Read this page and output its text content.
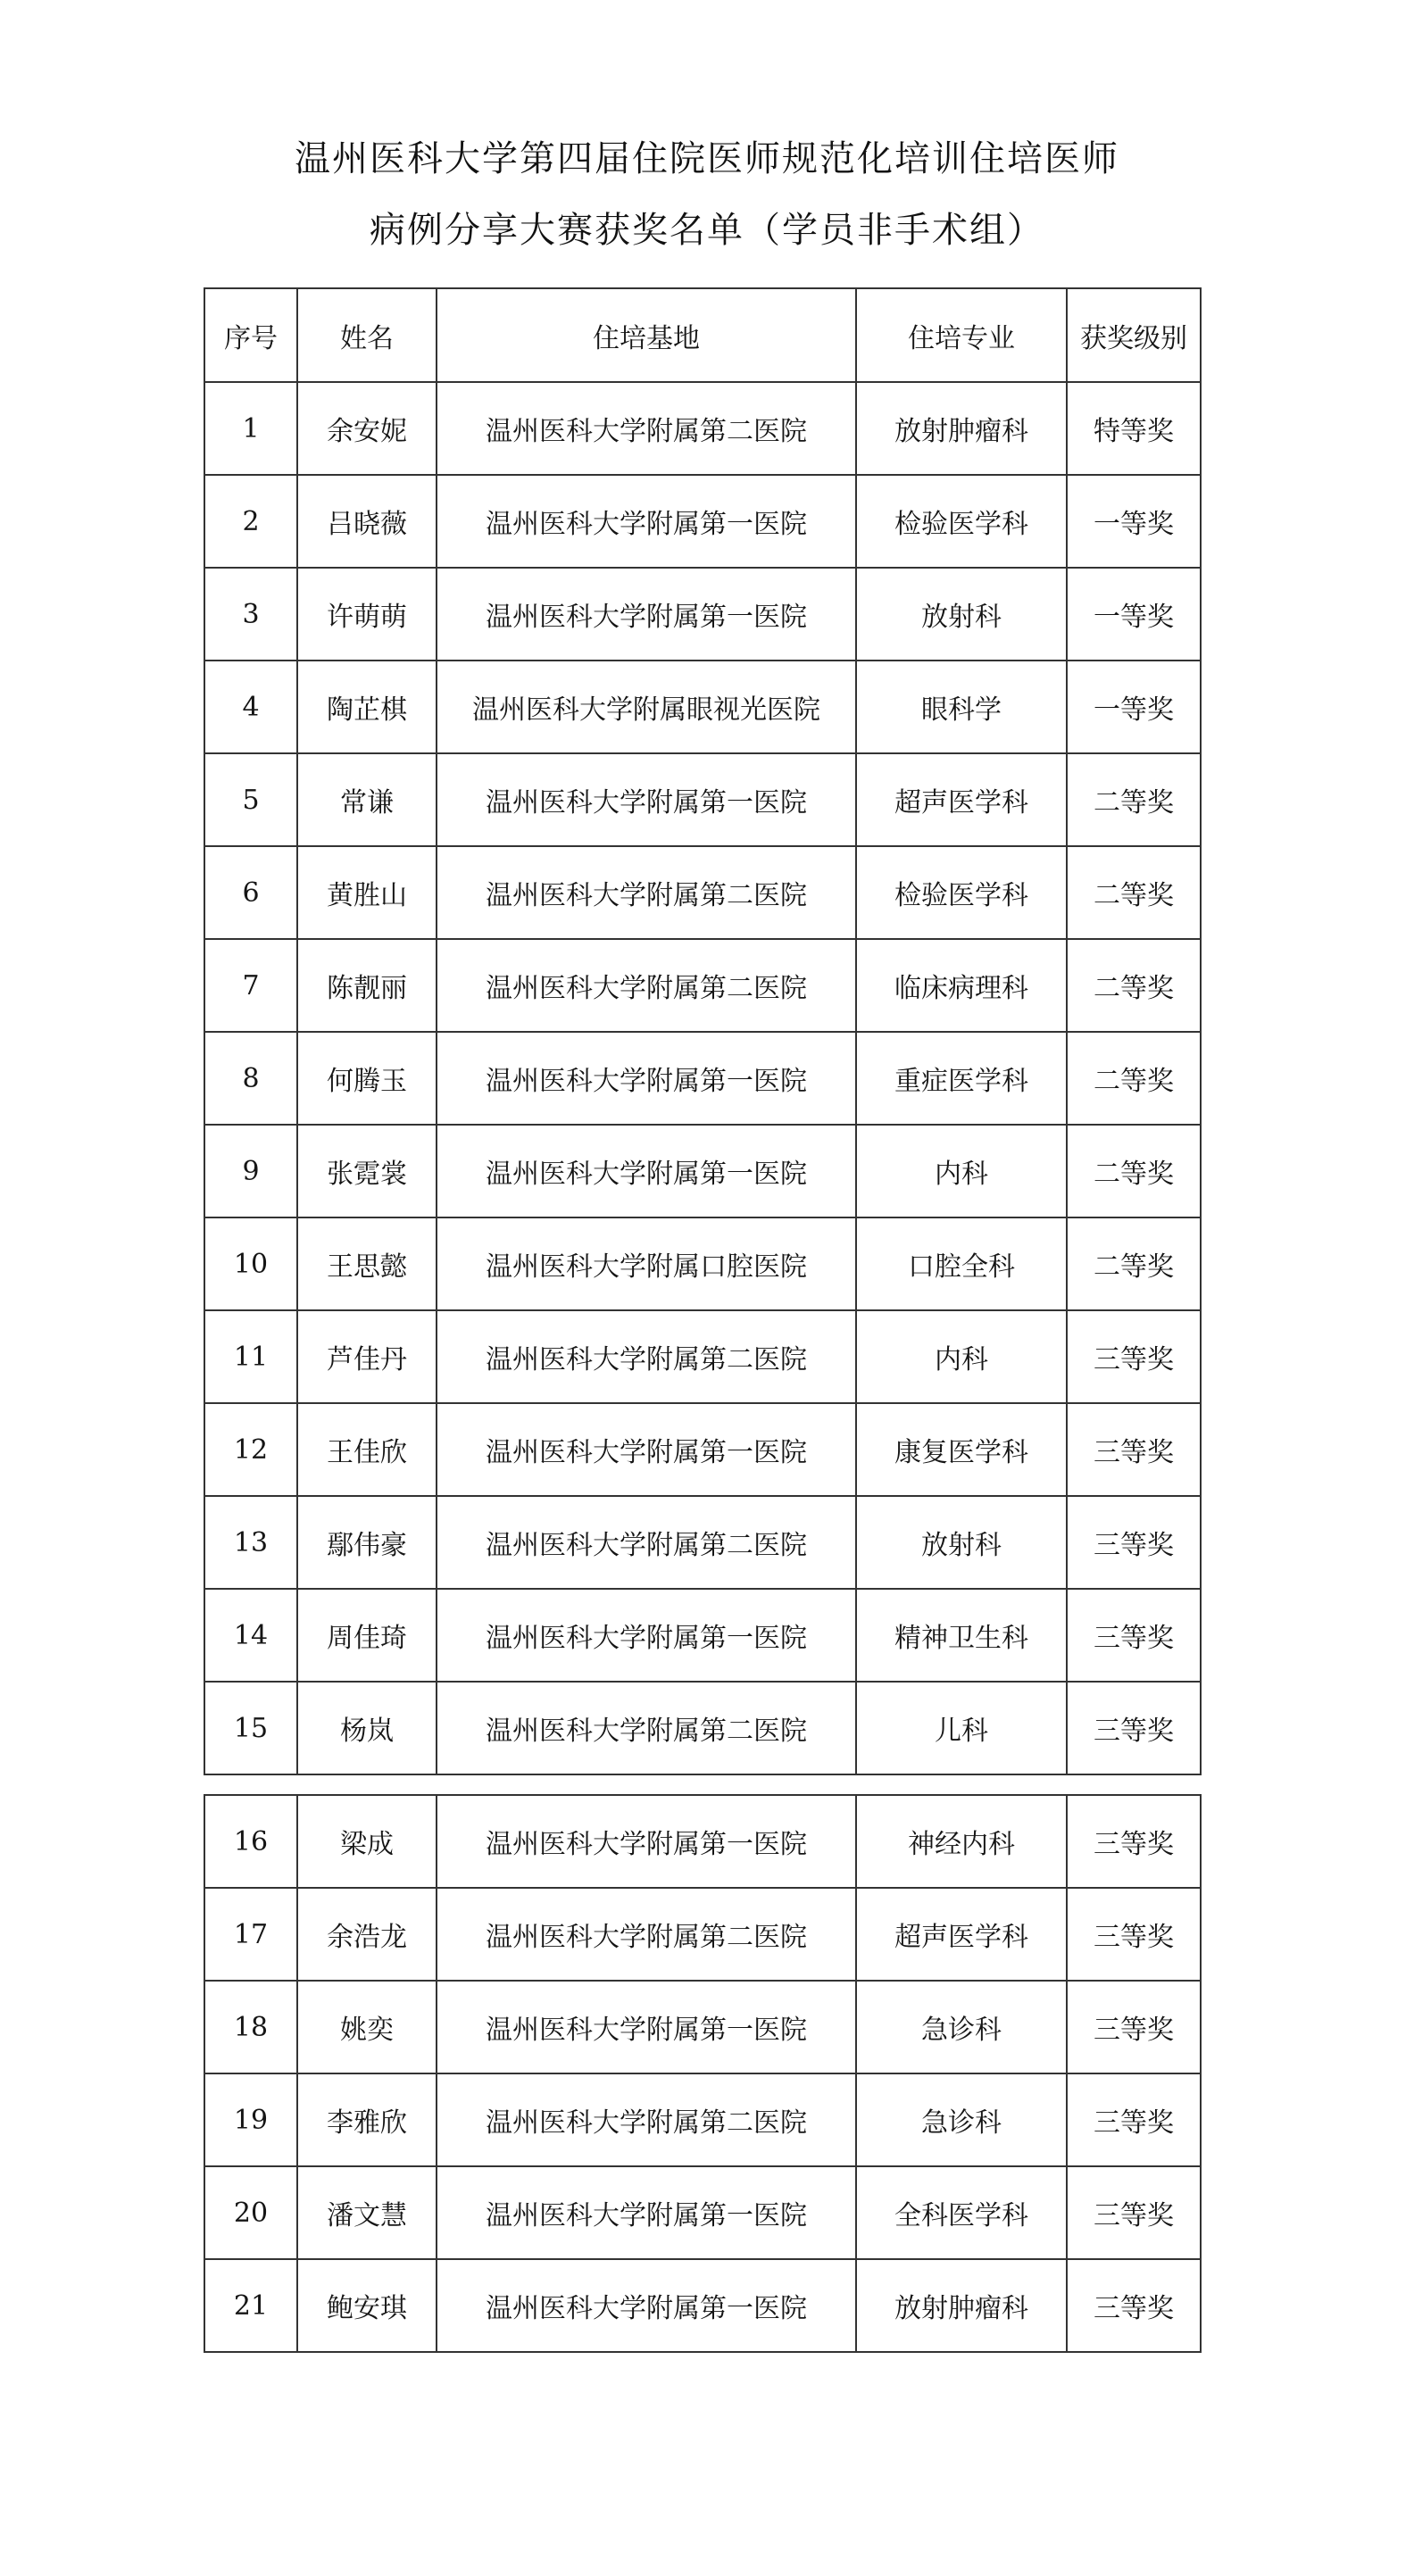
温州医科大学第四届住院医师规范化培训住培医师
病例分享大赛获奖名单（学员非手术组）
序号	姓名	住培基地	住培专业	获奖级别
1	余安妮	温州医科大学附属第二医院	放射肿瘤科	特等奖
2	吕晓薇	温州医科大学附属第一医院	检验医学科	一等奖
3	许萌萌	温州医科大学附属第一医院	放射科	一等奖
4	陶芷棋	温州医科大学附属眼视光医院	眼科学	一等奖
5	常谦	温州医科大学附属第一医院	超声医学科	二等奖
6	黄胜山	温州医科大学附属第二医院	检验医学科	二等奖
7	陈靓丽	温州医科大学附属第二医院	临床病理科	二等奖
8	何腾玉	温州医科大学附属第一医院	重症医学科	二等奖
9	张霓裳	温州医科大学附属第一医院	内科	二等奖
10	王思懿	温州医科大学附属口腔医院	口腔全科	二等奖
11	芦佳丹	温州医科大学附属第二医院	内科	三等奖
12	王佳欣	温州医科大学附属第一医院	康复医学科	三等奖
13	鄢伟豪	温州医科大学附属第二医院	放射科	三等奖
14	周佳琦	温州医科大学附属第一医院	精神卫生科	三等奖
15	杨岚	温州医科大学附属第二医院	儿科	三等奖
16	梁成	温州医科大学附属第一医院	神经内科	三等奖
17	余浩龙	温州医科大学附属第二医院	超声医学科	三等奖
18	姚奕	温州医科大学附属第一医院	急诊科	三等奖
19	李雅欣	温州医科大学附属第二医院	急诊科	三等奖
20	潘文慧	温州医科大学附属第一医院	全科医学科	三等奖
21	鲍安琪	温州医科大学附属第一医院	放射肿瘤科	三等奖
